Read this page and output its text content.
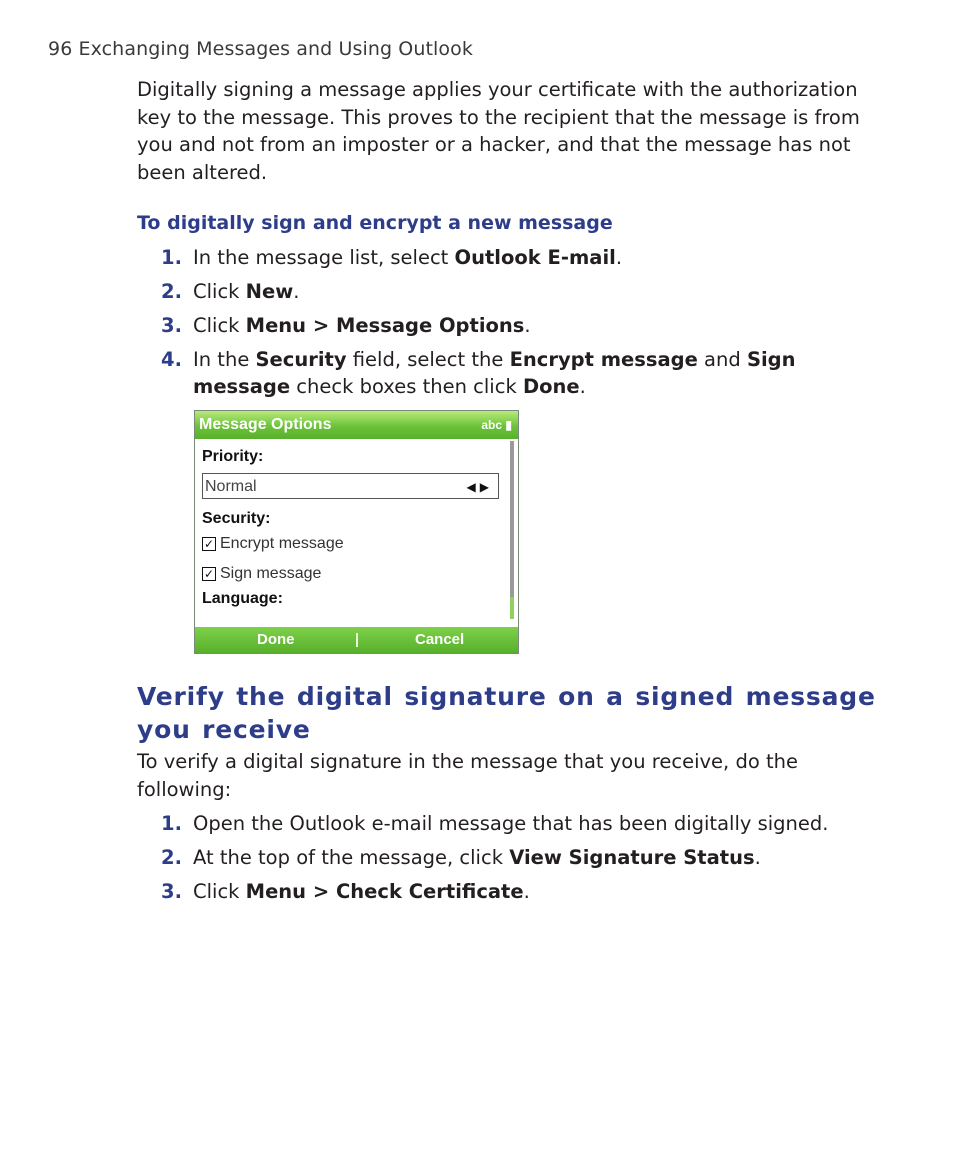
96 Exchanging Messages and Using Outlook

Digitally signing a message applies your certificate with the authorization key to the message. This proves to the recipient that the message is from you and not from an imposter or a hacker, and that the message has not been altered.

To digitally sign and encrypt a new message
1. In the message list, select Outlook E-mail.
2. Click New.
3. Click Menu > Message Options.
4. In the Security field, select the Encrypt message and Sign message check boxes then click Done.
Message Options	abc ▮
Priority:
Normal	◀▶
Security:
✓ Encrypt message
✓ Sign message
Language:
Done	Cancel
Verify the digital signature on a signed message you receive

To verify a digital signature in the message that you receive, do the following:

1. Open the Outlook e-mail message that has been digitally signed.
2. At the top of the message, click View Signature Status.
3. Click Menu > Check Certificate.
